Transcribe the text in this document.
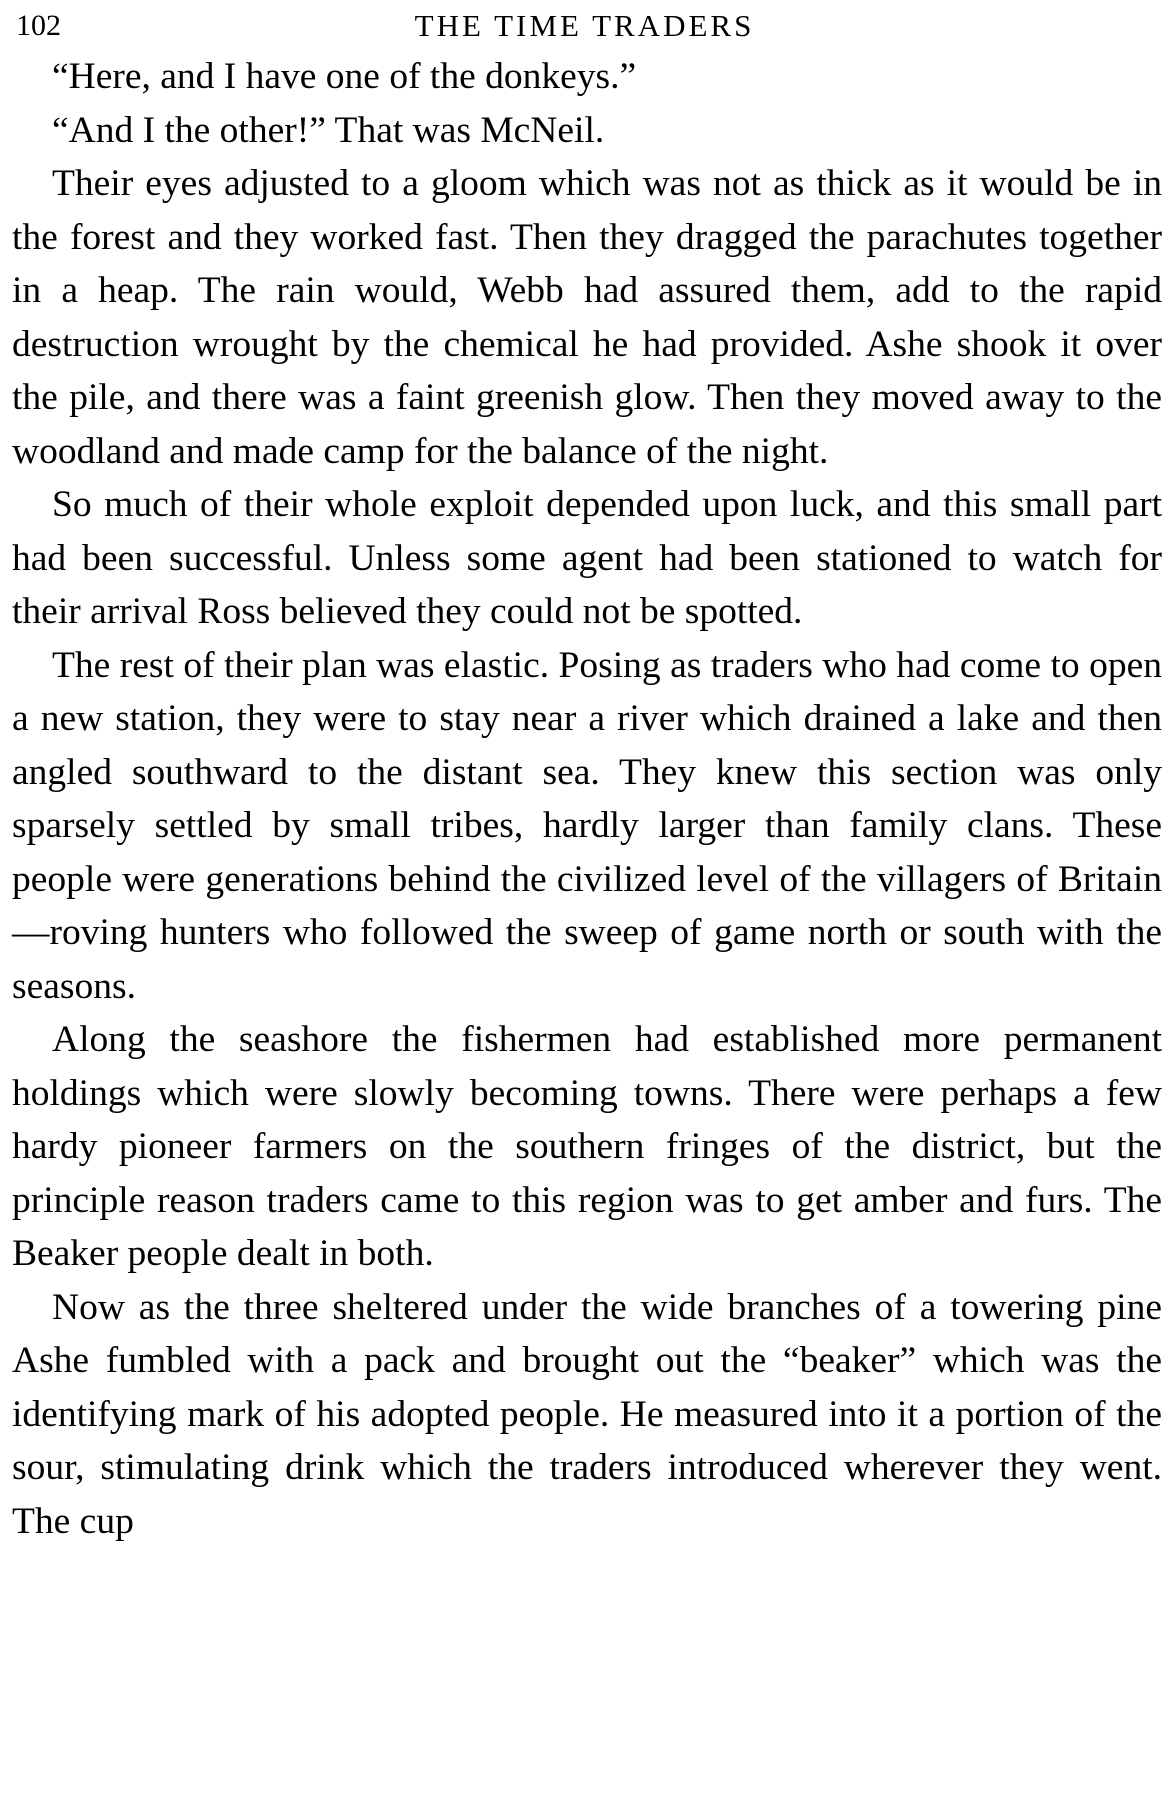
102	THE TIME TRADERS

“Here, and I have one of the donkeys.”

“And I the other!” That was McNeil.

Their eyes adjusted to a gloom which was not as thick as it would be in the forest and they worked fast. Then they dragged the parachutes together in a heap. The rain would, Webb had assured them, add to the rapid destruction wrought by the chemical he had provided. Ashe shook it over the pile, and there was a faint greenish glow. Then they moved away to the woodland and made camp for the balance of the night.

So much of their whole exploit depended upon luck, and this small part had been successful. Unless some agent had been stationed to watch for their arrival Ross believed they could not be spotted.

The rest of their plan was elastic. Posing as traders who had come to open a new station, they were to stay near a river which drained a lake and then angled southward to the distant sea. They knew this section was only sparsely settled by small tribes, hardly larger than family clans. These people were generations behind the civilized level of the villagers of Britain—roving hunters who followed the sweep of game north or south with the seasons.

Along the seashore the fishermen had established more permanent holdings which were slowly becoming towns. There were perhaps a few hardy pioneer farmers on the southern fringes of the district, but the principle reason traders came to this region was to get amber and furs. The Beaker people dealt in both.

Now as the three sheltered under the wide branches of a towering pine Ashe fumbled with a pack and brought out the “beaker” which was the identifying mark of his adopted people. He measured into it a portion of the sour, stimulating drink which the traders introduced wherever they went. The cup
